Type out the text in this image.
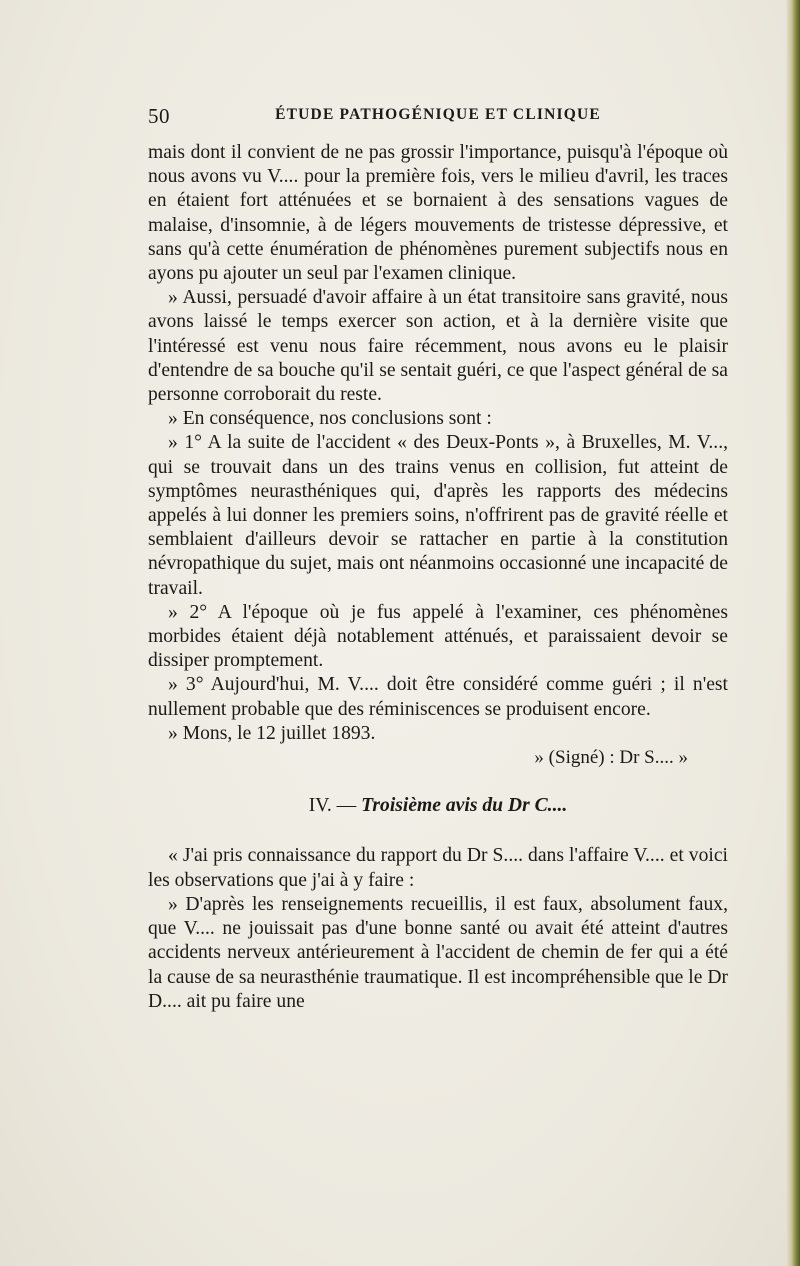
50	ÉTUDE PATHOGÉNIQUE ET CLINIQUE

mais dont il convient de ne pas grossir l'importance, puisqu'à l'époque où nous avons vu V.... pour la première fois, vers le milieu d'avril, les traces en étaient fort atténuées et se bornaient à des sensations vagues de malaise, d'insomnie, à de légers mouvements de tristesse dépressive, et sans qu'à cette énumération de phénomènes purement subjectifs nous en ayons pu ajouter un seul par l'examen clinique.

» Aussi, persuadé d'avoir affaire à un état transitoire sans gravité, nous avons laissé le temps exercer son action, et à la dernière visite que l'intéressé est venu nous faire récemment, nous avons eu le plaisir d'entendre de sa bouche qu'il se sentait guéri, ce que l'aspect général de sa personne corroborait du reste.

» En conséquence, nos conclusions sont :

» 1° A la suite de l'accident « des Deux-Ponts », à Bruxelles, M. V..., qui se trouvait dans un des trains venus en collision, fut atteint de symptômes neurasthéniques qui, d'après les rapports des médecins appelés à lui donner les premiers soins, n'offrirent pas de gravité réelle et semblaient d'ailleurs devoir se rattacher en partie à la constitution névropathique du sujet, mais ont néanmoins occasionné une incapacité de travail.

» 2° A l'époque où je fus appelé à l'examiner, ces phénomènes morbides étaient déjà notablement atténués, et paraissaient devoir se dissiper promptement.

» 3° Aujourd'hui, M. V.... doit être considéré comme guéri ; il n'est nullement probable que des réminiscences se produisent encore.

» Mons, le 12 juillet 1893.

» (Signé) : Dr S.... »

IV. — Troisième avis du Dr C....

« J'ai pris connaissance du rapport du Dr S.... dans l'affaire V.... et voici les observations que j'ai à y faire :

» D'après les renseignements recueillis, il est faux, absolument faux, que V.... ne jouissait pas d'une bonne santé ou avait été atteint d'autres accidents nerveux antérieurement à l'accident de chemin de fer qui a été la cause de sa neurasthénie traumatique. Il est incompréhensible que le Dr D.... ait pu faire une
